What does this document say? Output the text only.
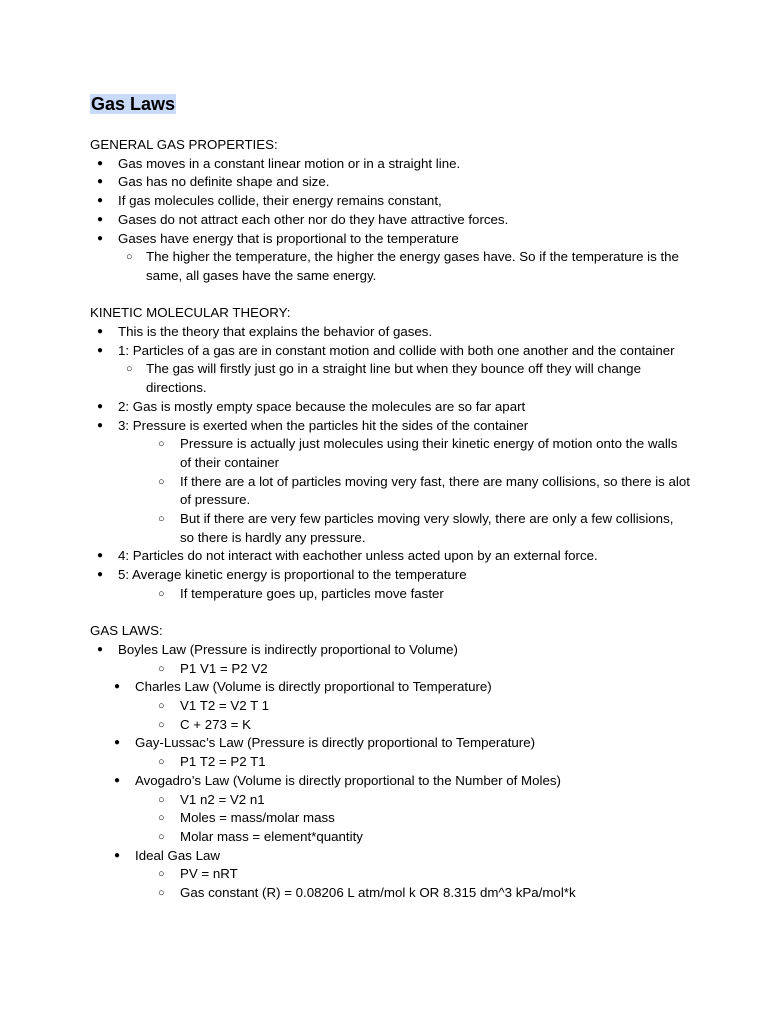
Gas Laws

GENERAL GAS PROPERTIES:

● Gas moves in a constant linear motion or in a straight line.
● Gas has no definite shape and size.
● If gas molecules collide, their energy remains constant,
● Gases do not attract each other nor do they have attractive forces.
● Gases have energy that is proportional to the temperature
○ The higher the temperature, the higher the energy gases have. So if the temperature is the same, all gases have the same energy.

KINETIC MOLECULAR THEORY:

● This is the theory that explains the behavior of gases.
● 1: Particles of a gas are in constant motion and collide with both one another and the container
○ The gas will firstly just go in a straight line but when they bounce off they will change directions.
● 2: Gas is mostly empty space because the molecules are so far apart
● 3: Pressure is exerted when the particles hit the sides of the container
○ Pressure is actually just molecules using their kinetic energy of motion onto the walls of their container
○ If there are a lot of particles moving very fast, there are many collisions, so there is alot of pressure.
○ But if there are very few particles moving very slowly, there are only a few collisions, so there is hardly any pressure.
● 4: Particles do not interact with eachother unless acted upon by an external force.
● 5: Average kinetic energy is proportional to the temperature
○ If temperature goes up, particles move faster

GAS LAWS:

● Boyles Law (Pressure is indirectly proportional to Volume)
○ P1 V1 = P2 V2
● Charles Law (Volume is directly proportional to Temperature)
○ V1 T2 = V2 T 1
○ C + 273 = K
● Gay-Lussac’s Law (Pressure is directly proportional to Temperature)
○ P1 T2 = P2 T1
● Avogadro’s Law (Volume is directly proportional to the Number of Moles)
○ V1 n2 = V2 n1
○ Moles = mass/molar mass
○ Molar mass = element*quantity
● Ideal Gas Law
○ PV = nRT
○ Gas constant (R) = 0.08206 L atm/mol k OR 8.315 dm^3 kPa/mol*k
